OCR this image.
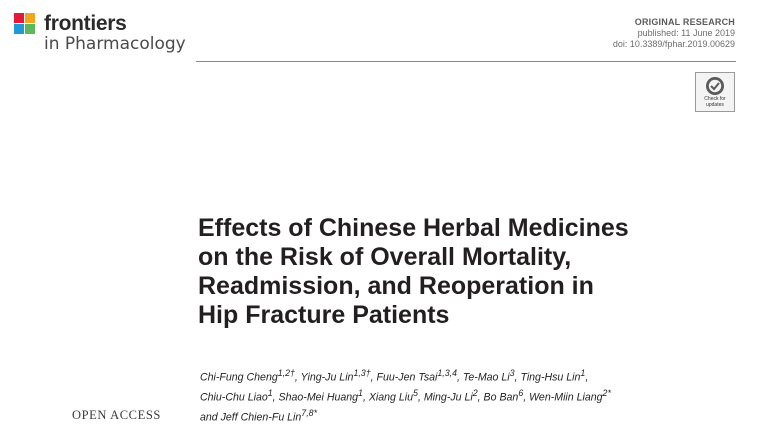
frontiers
in Pharmacology
ORIGINAL RESEARCH
published: 11 June 2019
doi: 10.3389/fphar.2019.00629
Check for
updates
Effects of Chinese Herbal Medicines
on the Risk of Overall Mortality,
Readmission, and Reoperation in
Hip Fracture Patients
Chi-Fung Cheng$^{1,2\dagger}$, Ying-Ju Lin$^{1,3\dagger}$, Fuu-Jen Tsai$^{1,3,4}$, Te-Mao Li$^3$, Ting-Hsu Lin$^1$,
Chiu-Chu Liao$^1$, Shao-Mei Huang$^1$, Xiang Liu$^5$, Ming-Ju Li$^2$, Bo Ban$^6$, Wen-Miin Liang$^{2*}$
and Jeff Chien-Fu Lin$^{7,8*}$
OPEN ACCESS
